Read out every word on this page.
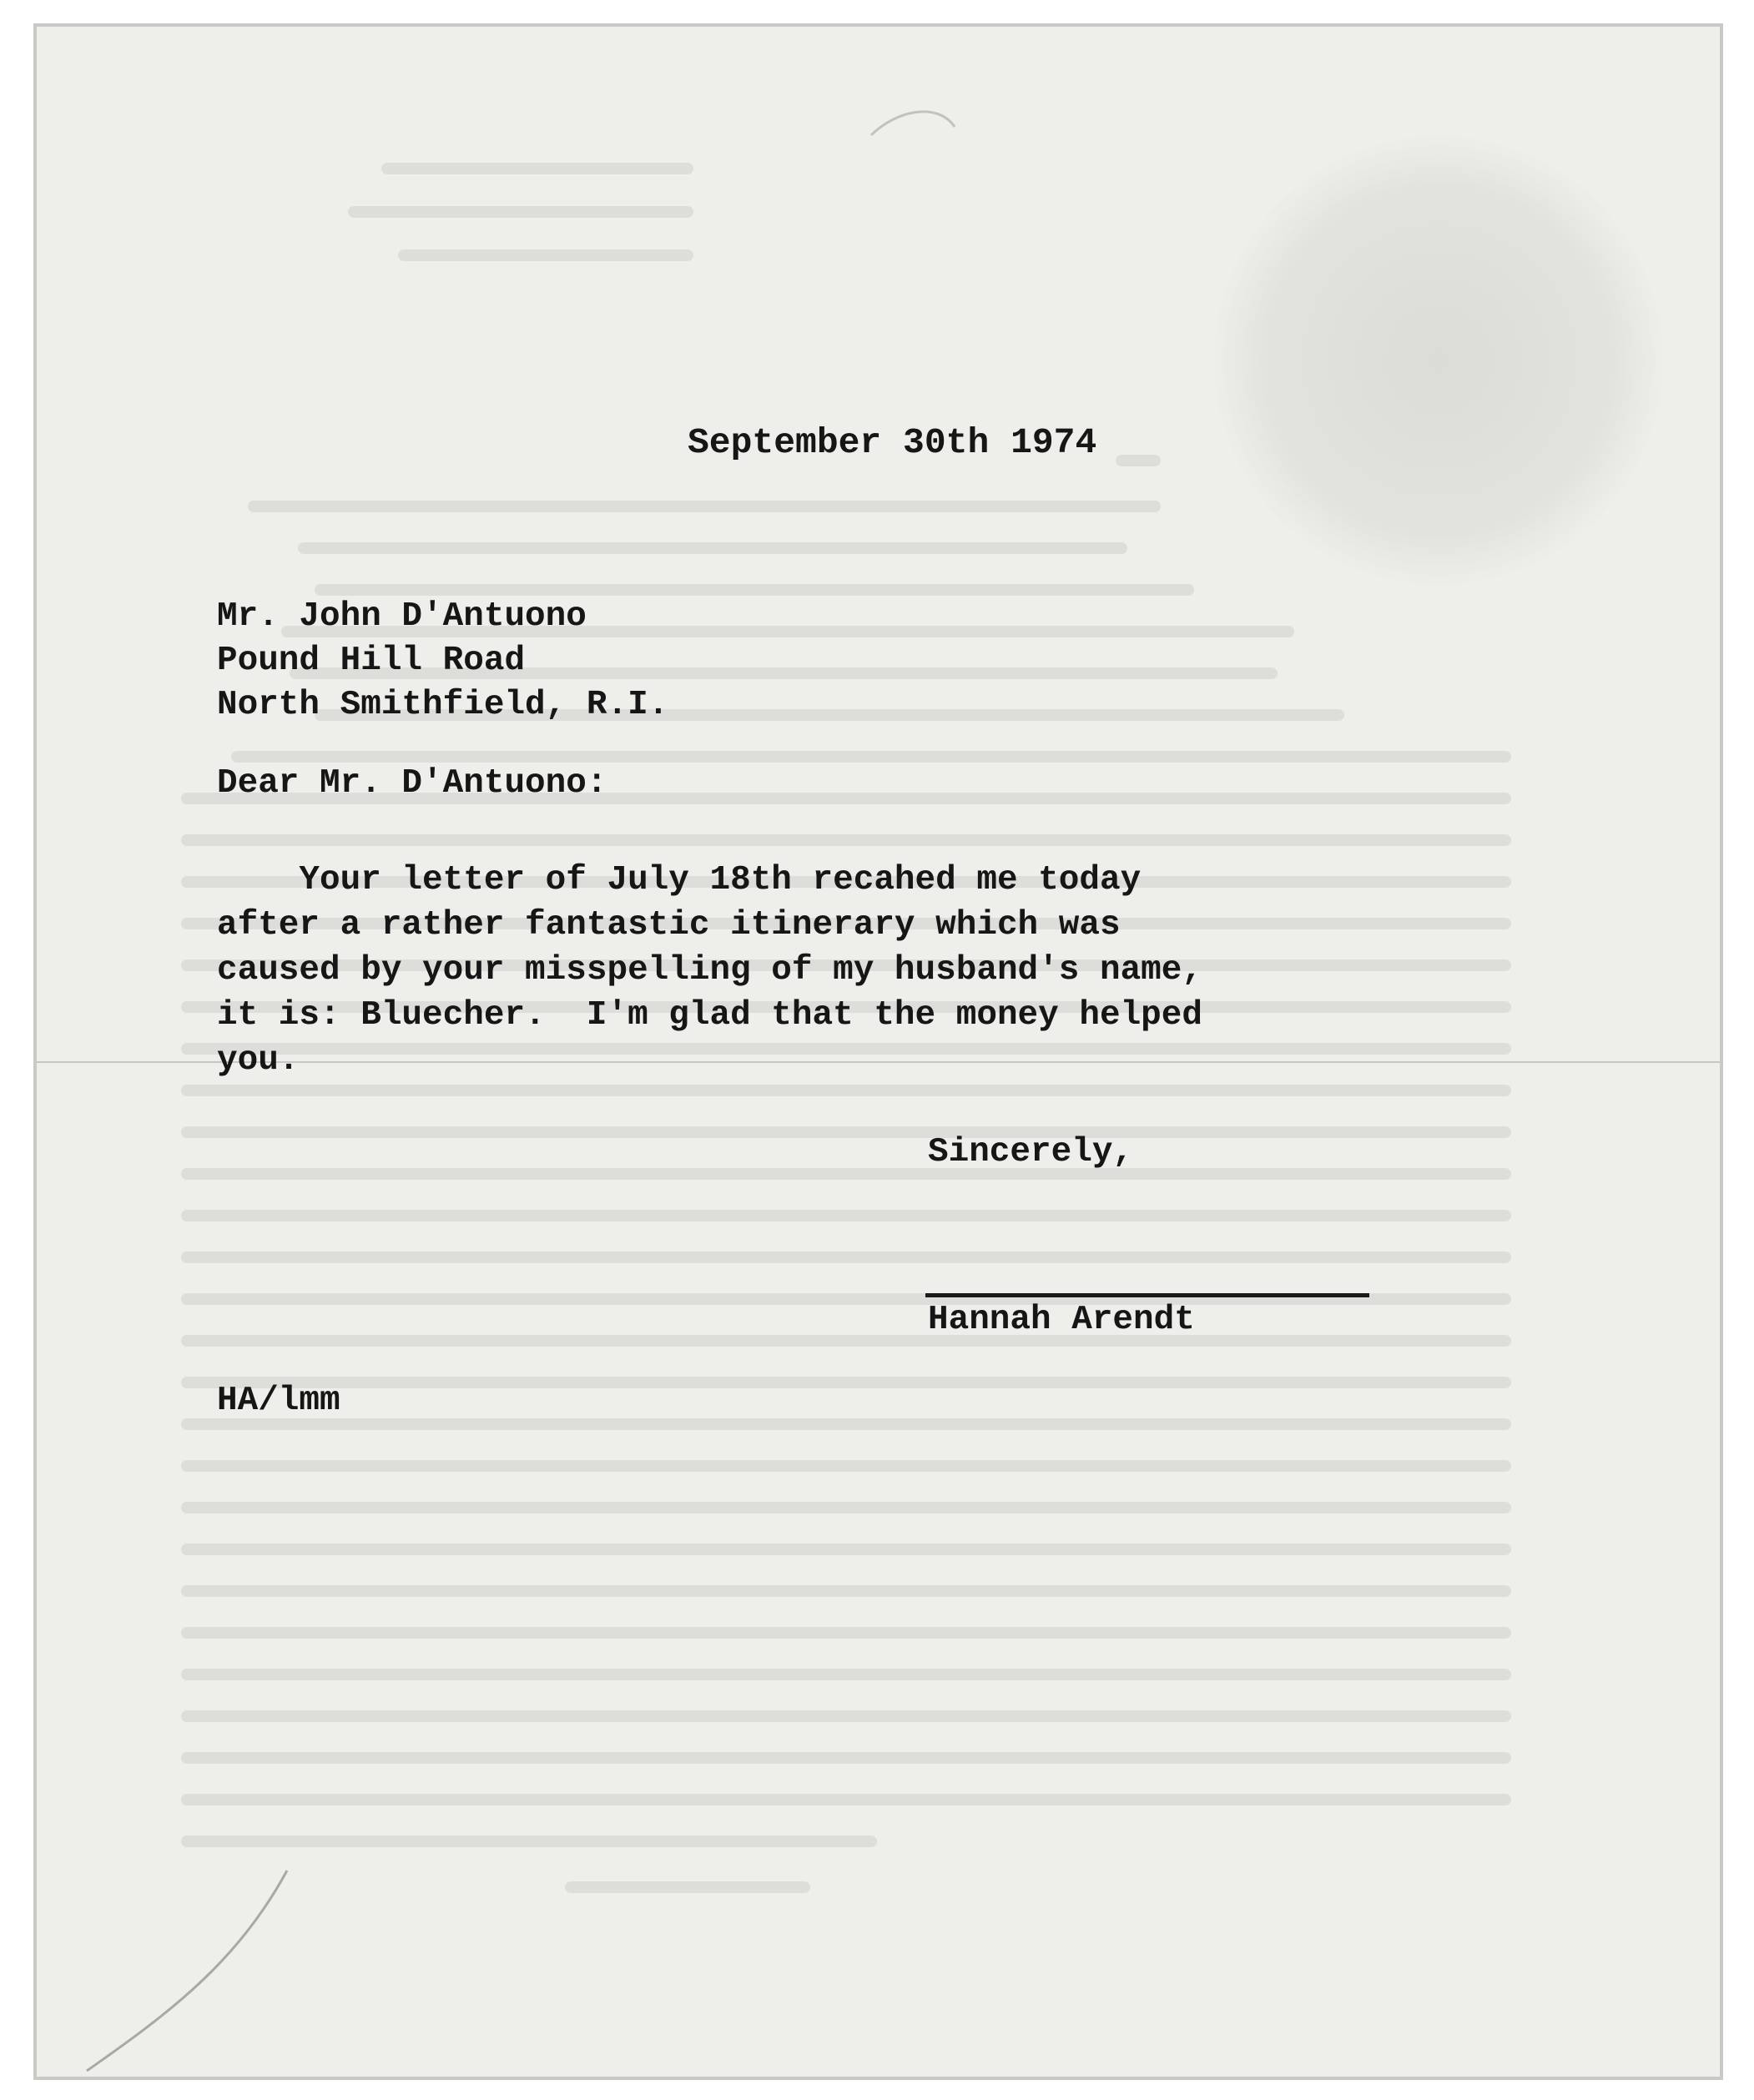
September 30th 1974
Mr. John D'Antuono
Pound Hill Road
North Smithfield, R.I.
Dear Mr. D'Antuono:
Your letter of July 18th recahed me today
after a rather fantastic itinerary which was
caused by your misspelling of my husband's name,
it is: Bluecher.  I'm glad that the money helped
you.
Sincerely,
Hannah Arendt
HA/lmm
